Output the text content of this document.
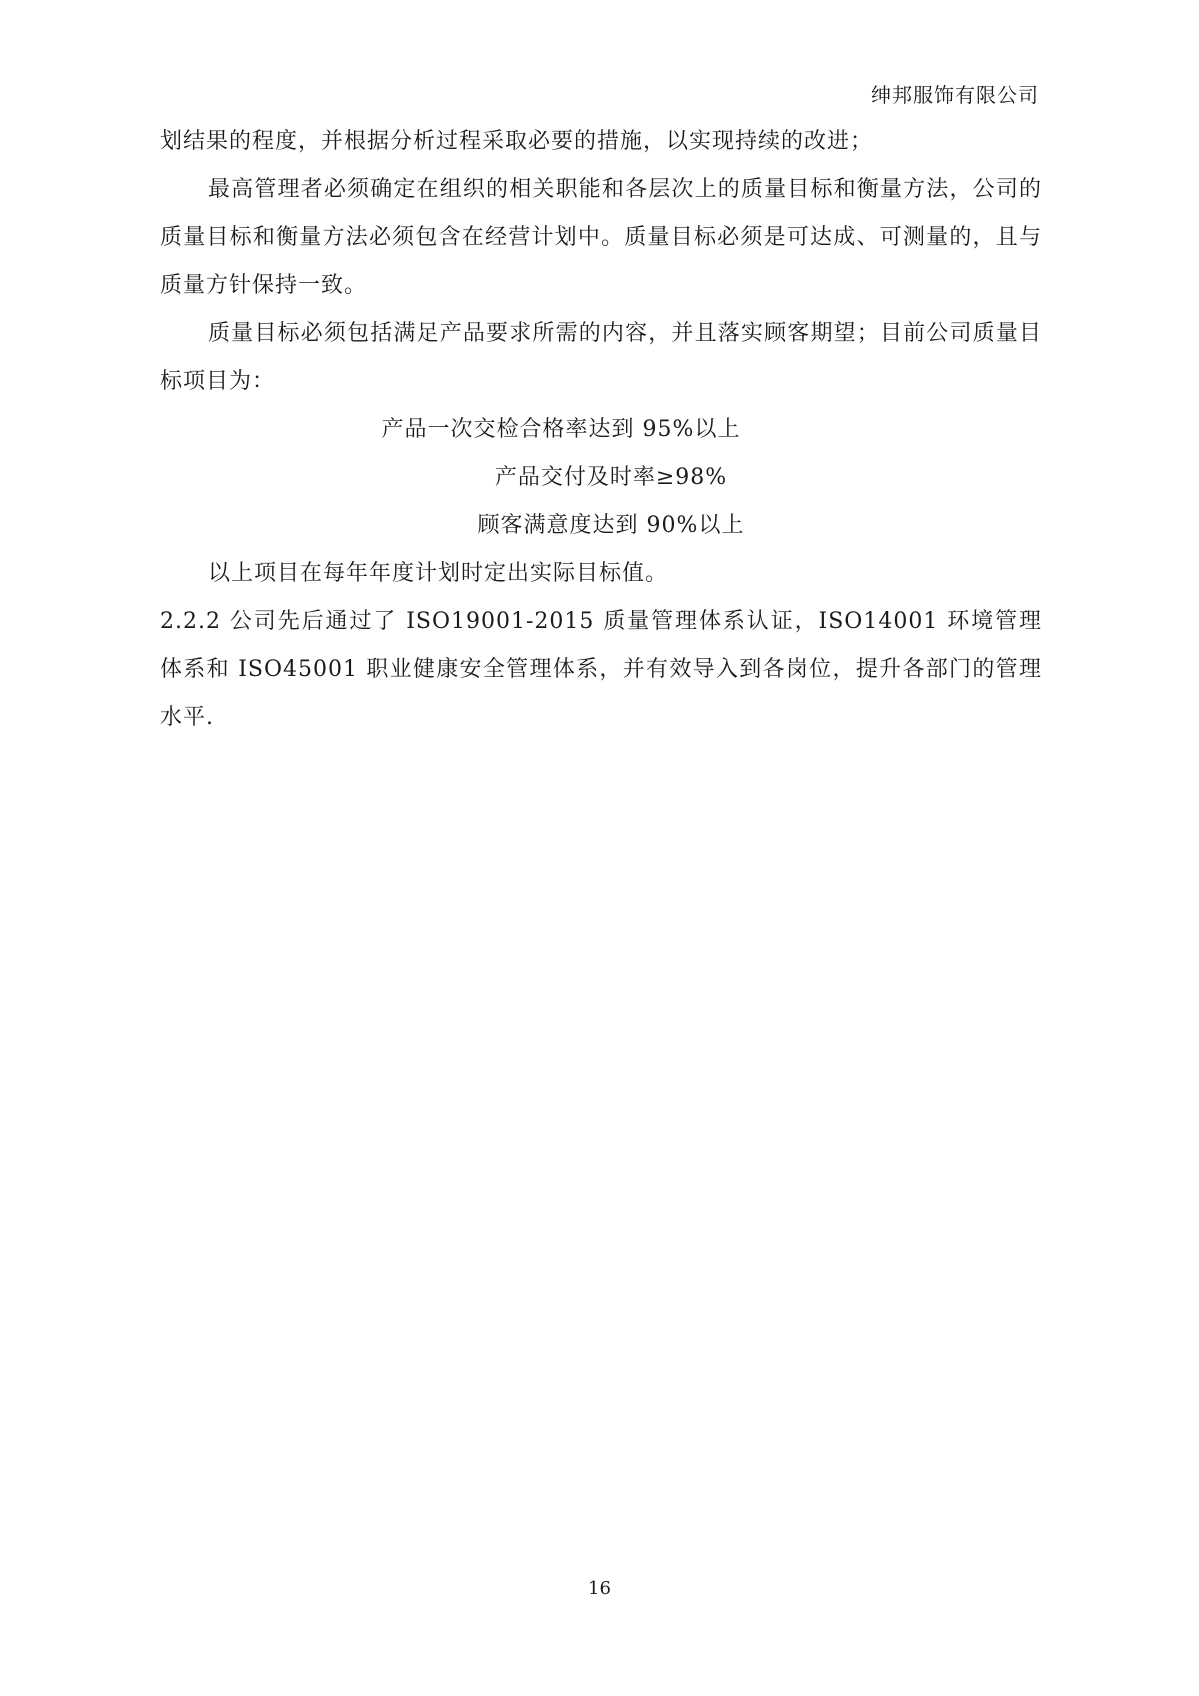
绅邦服饰有限公司

划结果的程度，并根据分析过程采取必要的措施，以实现持续的改进；

最高管理者必须确定在组织的相关职能和各层次上的质量目标和衡量方法，公司的质量目标和衡量方法必须包含在经营计划中。质量目标必须是可达成、可测量的，且与质量方针保持一致。

质量目标必须包括满足产品要求所需的内容，并且落实顾客期望；目前公司质量目标项目为：

产品一次交检合格率达到 95%以上
产品交付及时率≥98%
顾客满意度达到 90%以上

以上项目在每年年度计划时定出实际目标值。

2.2.2 公司先后通过了 ISO19001-2015 质量管理体系认证，ISO14001 环境管理体系和 ISO45001 职业健康安全管理体系，并有效导入到各岗位，提升各部门的管理水平.

16
